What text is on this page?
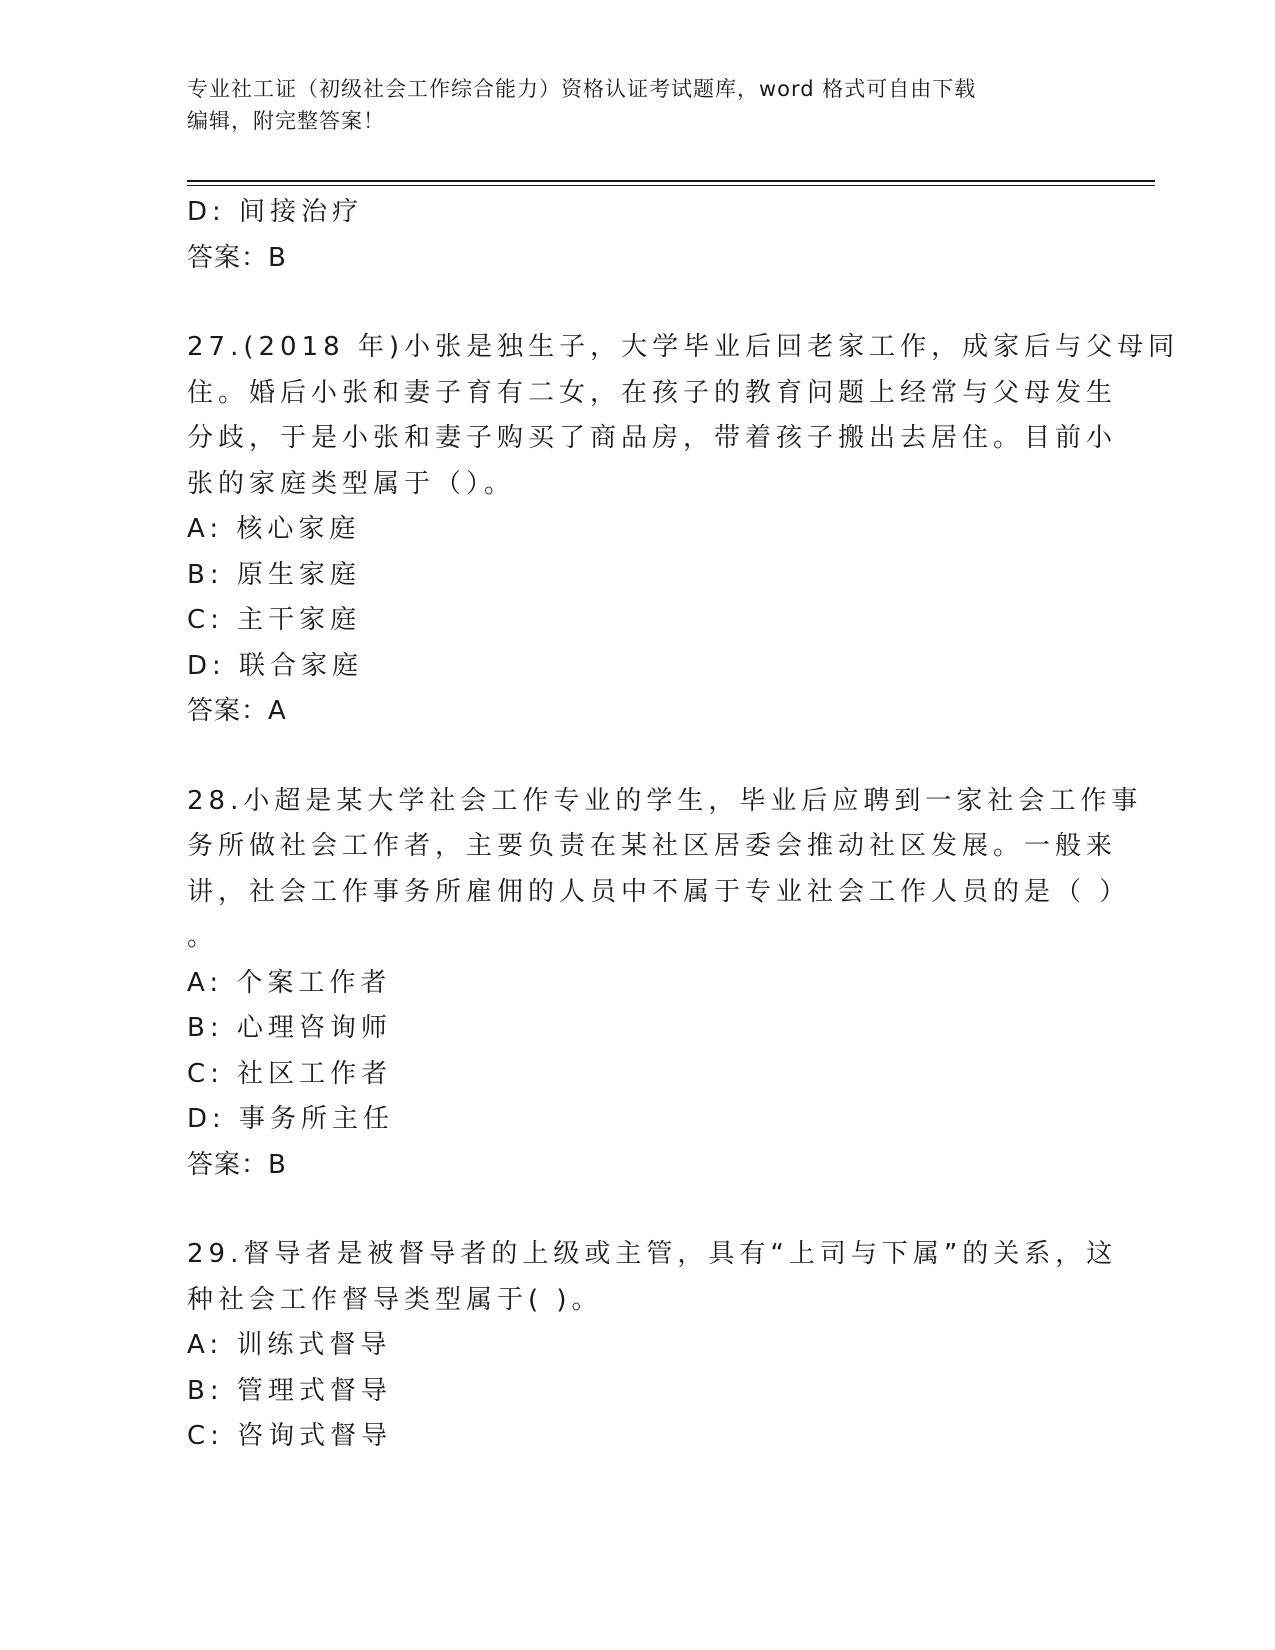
专业社工证（初级社会工作综合能力）资格认证考试题库，word 格式可自由下载
编辑，附完整答案！
D: 间接治疗
答案：B
27.(2018 年)小张是独生子，大学毕业后回老家工作，成家后与父母同
住。婚后小张和妻子育有二女，在孩子的教育问题上经常与父母发生
分歧，于是小张和妻子购买了商品房，带着孩子搬出去居住。目前小
张的家庭类型属于（）。
A: 核心家庭
B: 原生家庭
C: 主干家庭
D: 联合家庭
答案：A
28.小超是某大学社会工作专业的学生，毕业后应聘到一家社会工作事
务所做社会工作者，主要负责在某社区居委会推动社区发展。一般来
讲，社会工作事务所雇佣的人员中不属于专业社会工作人员的是（ ）
。
A: 个案工作者
B: 心理咨询师
C: 社区工作者
D: 事务所主任
答案：B
29.督导者是被督导者的上级或主管，具有“上司与下属”的关系，这
种社会工作督导类型属于( )。
A: 训练式督导
B: 管理式督导
C: 咨询式督导
